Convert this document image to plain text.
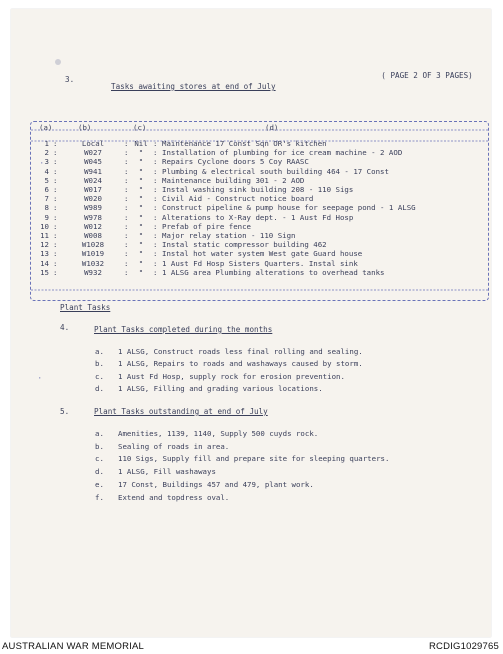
·
·

( PAGE 2 OF 3 PAGES)

3.
Tasks awaiting stores at end of July
(a)	(b)	(c)	(d)
1	Local	Nil	Maintenance 17 Const Sqn OR's kitchen
:	:	:
2	W027	"	Installation of plumbing for ice cream machine - 2 AOD
:	:	:
3	W045	"	Repairs Cyclone doors 5 Coy RAASC
:	:	:
4	W941	"	Plumbing & electrical south building 464 - 17 Const
:	:	:
5	W024	"	Maintenance building 301 - 2 AOD
:	:	:
6	W017	"	Instal washing sink building 208 - 110 Sigs
:	:	:
7	W020	"	Civil Aid - Construct notice board
:	:	:
8	W989	"	Construct pipeline & pump house for seepage pond - 1 ALSG
:	:	:
9	W978	"	Alterations to X-Ray dept. - 1 Aust Fd Hosp
:	:	:
10	W012	"	Prefab of pire fence
:	:	:
11	W008	"	Major relay station - 110 Sign
:	:	:
12	W1028	"	Instal static compressor building 462
:	:	:
13	W1019	"	Instal hot water system West gate Guard house
:	:	:
14	W1032	"	1 Aust Fd Hosp Sisters Quarters. Instal sink
:	:	:
15	W932	"	1 ALSG area Plumbing alterations to overhead tanks
:	:	:
Plant Tasks
4.	Plant Tasks completed during the months
a. 1 ALSG, Construct roads less final rolling and sealing.
b. 1 ALSG, Repairs to roads and washaways caused by storm.
c. 1 Aust Fd Hosp, supply rock for erosion prevention.
d. 1 ALSG, Filling and grading various locations.
5.	Plant Tasks outstanding at end of July
a. Amenities, 1139, 1140, Supply 500 cuyds rock.
b. Sealing of roads in area.
c. 110 Sigs, Supply fill and prepare site for sleeping quarters.
d. 1 ALSG, Fill washaways
e. 17 Const, Buildings 457 and 479, plant work.
f. Extend and topdress oval.
AUSTRALIAN WAR MEMORIAL	RCDIG1029765
